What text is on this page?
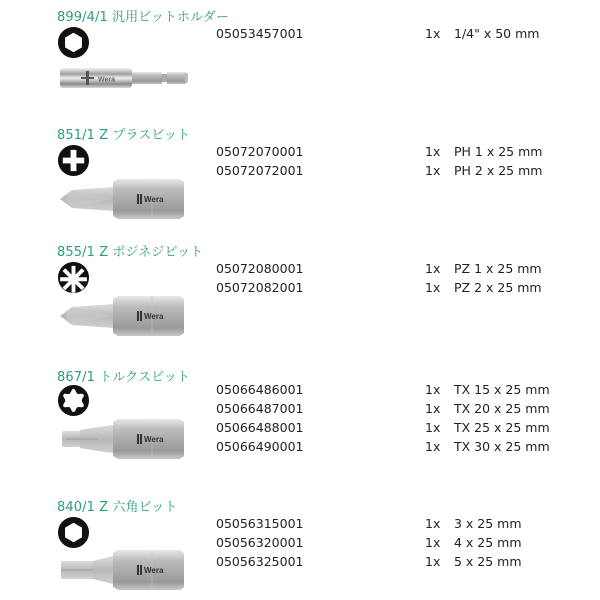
899/4/1 汎用ビットホルダー
Wera
05053457001	1x 1/4" x 50 mm
851/1 Z プラスビット
Wera
05072070001	1x PH 1 x 25 mm
05072072001	1x PH 2 x 25 mm
855/1 Z ポジネジビット
Wera
05072080001	1x PZ 1 x 25 mm
05072082001	1x PZ 2 x 25 mm
867/1 トルクスビット
Wera
05066486001	1x TX 15 x 25 mm
05066487001	1x TX 20 x 25 mm
05066488001	1x TX 25 x 25 mm
05066490001	1x TX 30 x 25 mm
840/1 Z 六角ビット
Wera
05056315001	1x 3 x 25 mm
05056320001	1x 4 x 25 mm
05056325001	1x 5 x 25 mm
